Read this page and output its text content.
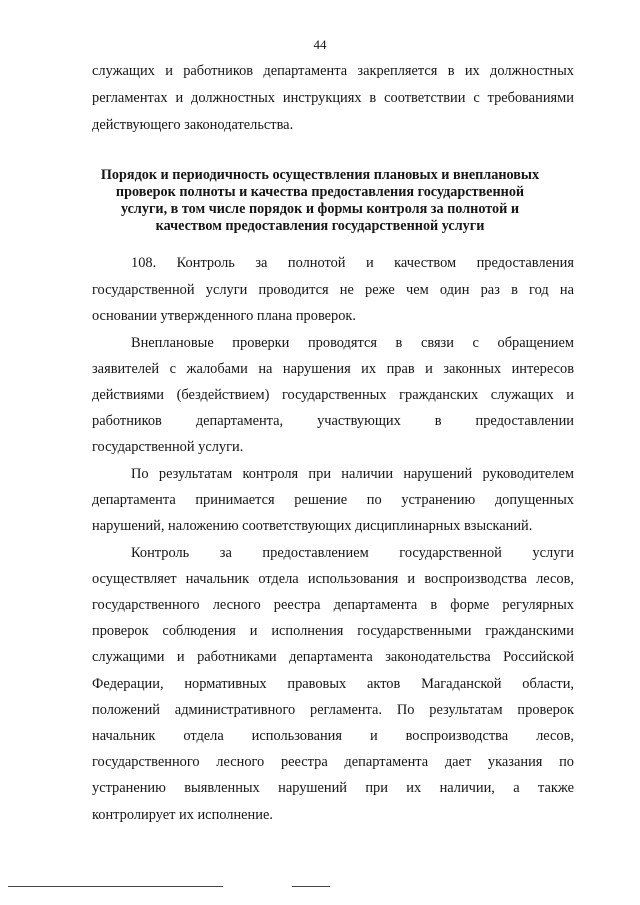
44
служащих и работников департамента закрепляется в их должностных
регламентах и должностных инструкциях в соответствии с требованиями
действующего законодательства.
Порядок и периодичность осуществления плановых и внеплановых
проверок полноты и качества предоставления государственной
услуги, в том числе порядок и формы контроля за полнотой и
качеством предоставления государственной услуги
108. Контроль за полнотой и качеством предоставления
государственной услуги проводится не реже чем один раз в год на
основании утвержденного плана проверок.
Внеплановые проверки проводятся в связи с обращением
заявителей с жалобами на нарушения их прав и законных интересов
действиями (бездействием) государственных гражданских служащих и
работников департамента, участвующих в предоставлении
государственной услуги.
По результатам контроля при наличии нарушений руководителем
департамента принимается решение по устранению допущенных
нарушений, наложению соответствующих дисциплинарных взысканий.
Контроль за предоставлением государственной услуги
осуществляет начальник отдела использования и воспроизводства лесов,
государственного лесного реестра департамента в форме регулярных
проверок соблюдения и исполнения государственными гражданскими
служащими и работниками департамента законодательства Российской
Федерации, нормативных правовых актов Магаданской области,
положений административного регламента. По результатам проверок
начальник отдела использования и воспроизводства лесов,
государственного лесного реестра департамента дает указания по
устранению выявленных нарушений при их наличии, а также
контролирует их исполнение.
